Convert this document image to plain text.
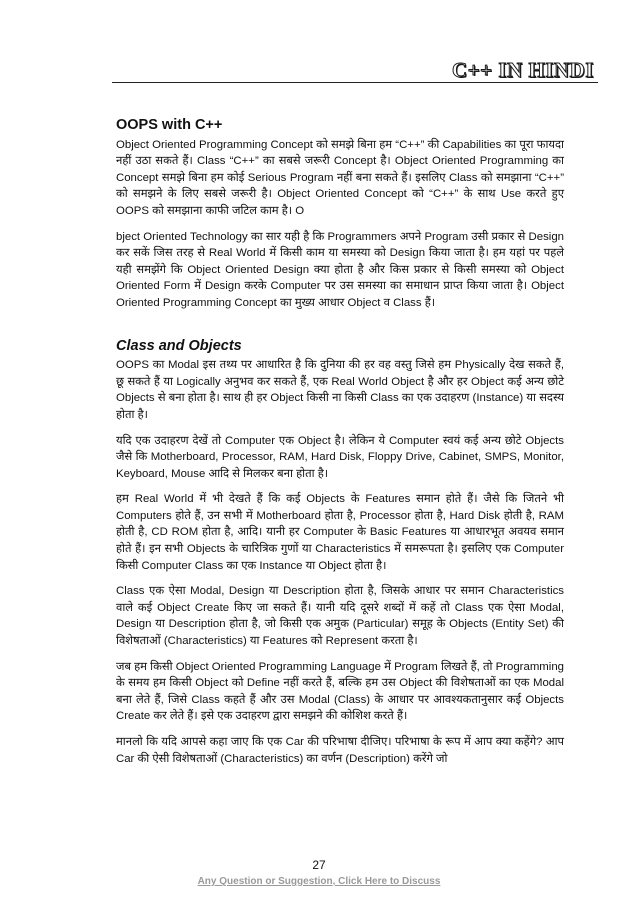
C++ IN HINDI
OOPS with C++

Object Oriented Programming Concept को समझे बिना हम “C++” की Capabilities का पूरा फायदा नहीं उठा सकते हैं। Class “C++” का सबसे जरूरी Concept है। Object Oriented Programming का Concept समझे बिना हम कोई Serious Program नहीं बना सकते हैं। इसलिए Class को समझाना “C++” को समझने के लिए सबसे जरूरी है। Object Oriented Concept को “C++” के साथ Use करते हुए OOPS को समझाना काफी जटिल काम है। O

bject Oriented Technology का सार यही है कि Programmers अपने Program उसी प्रकार से Design कर सकें जिस तरह से Real World में किसी काम या समस्या को Design किया जाता है। हम यहां पर पहले यही समझेंगे कि Object Oriented Design क्या होता है और किस प्रकार से किसी समस्या को Object Oriented Form में Design करके Computer पर उस समस्या का समाधान प्राप्त किया जाता है। Object Oriented Programming Concept का मुख्य आधार Object व Class हैं।

Class and Objects

OOPS का Modal इस तथ्य पर आधारित है कि दुनिया की हर वह वस्तु जिसे हम Physically देख सकते हैं, छू सकते हैं या Logically अनुभव कर सकते हैं, एक Real World Object है और हर Object कई अन्य छोटे Objects से बना होता है। साथ ही हर Object किसी ना किसी Class का एक उदाहरण (Instance) या सदस्य होता है।

यदि एक उदाहरण देखें तो Computer एक Object है। लेकिन ये Computer स्वयं कई अन्य छोटे Objects जैसे कि Motherboard, Processor, RAM, Hard Disk, Floppy Drive, Cabinet, SMPS, Monitor, Keyboard, Mouse आदि से मिलकर बना होता है।

हम Real World में भी देखते हैं कि कई Objects के Features समान होते हैं। जैसे कि जितने भी Computers होते हैं, उन सभी में Motherboard होता है, Processor होता है, Hard Disk होती है, RAM होती है, CD ROM होता है, आदि। यानी हर Computer के Basic Features या आधारभूत अवयव समान होते हैं। इन सभी Objects के चारित्रिक गुणों या Characteristics में समरूपता है। इसलिए एक Computer किसी Computer Class का एक Instance या Object होता है।

Class एक ऐसा Modal, Design या Description होता है, जिसके आधार पर समान Characteristics वाले कई Object Create किए जा सकते हैं। यानी यदि दूसरे शब्दों में कहें तो Class एक ऐसा Modal, Design या Description होता है, जो किसी एक अमुक (Particular) समूह के Objects (Entity Set) की विशेषताओं (Characteristics) या Features को Represent करता है।

जब हम किसी Object Oriented Programming Language में Program लिखते हैं, तो Programming के समय हम किसी Object को Define नहीं करते हैं, बल्कि हम उस Object की विशेषताओं का एक Modal बना लेते हैं, जिसे Class कहते हैं और उस Modal (Class) के आधार पर आवश्यकतानुसार कई Objects Create कर लेते हैं। इसे एक उदाहरण द्वारा समझने की कोशिश करते हैं।

मानलो कि यदि आपसे कहा जाए कि एक Car की परिभाषा दीजिए। परिभाषा के रूप में आप क्या कहेंगे? आप Car की ऐसी विशेषताओं (Characteristics) का वर्णन (Description) करेंगे जो

27
Any Question or Suggestion, Click Here to Discuss
